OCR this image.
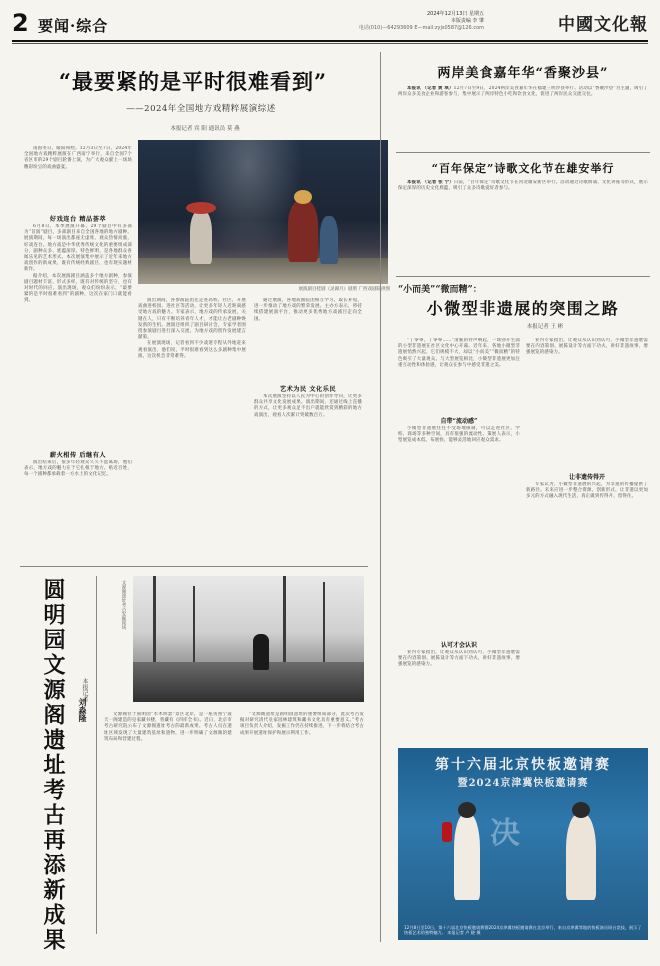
2 要闻·综合
2024年12月13日 星期五
本版责编 李 肇
电话(010)—64293609 E—mail:zyjs0587@126.com	中國文化報
“最要紧的是平时很难看到”
——2024年全国地方戏精粹展演综述
本报记者 宾 阳 通讯员 莫 燕

南国冬日，暖阳和煦。12月3日至7日，2024年全国地方戏精粹展演在广西南宁举行，来自全国7个省区市的29个剧目轮番上演，为广大观众献上一场场精彩纷呈的戏曲盛宴。

展演剧目桂剧《灵湖月》剧照 广西戏剧院供图
好戏连台 精品荟萃

6月8日，本季展演开幕，29个剧目中有多部为“首演”剧目，多部剧目来自全国各地的地方剧种。展演期间，每一场演出都座无虚席，观众热情高涨，好戏连台。地方戏是中华优秀传统文化的重要组成部分，剧种众多、底蕴深厚、特色鲜明，是各地群众喜闻乐见的艺术形式。本次展演集中展示了近年来地方戏创作的新成果，既有传统经典剧目，也有现实题材新作。

据介绍，本次展演剧目涵盖多个地方剧种，参演剧目题材丰富、形式多样，既有对传统的坚守，也有对时代的回应。演出现场，观众们纷纷表示，“最要紧的是平时很难看到”的剧种，这次在家门口就能看到。

薪火相传 后继有人

演出结束后，很多年轻观众久久不愿离场，他们表示，地方戏的魅力在于它扎根于地方、贴近百姓，每一个剧种都承载着一方水土的文化记忆。

演出期间，各参演院团还走进高校、社区，开展戏曲进校园、进社区等活动，让更多年轻人近距离感受地方戏的魅力。专家表示，地方戏的传承发展，关键在人，只有不断培养青年人才，才能让古老剧种焕发新的生机。展演还组织了剧目研讨会，专家学者围绕参演剧目进行深入交流，为地方戏的创作发展建言献策。

在展演现场，记者看到不少戏迷专程从外地赶来观看演出，他们说，平时很难看到这么多剧种集中展演，这次机会非常难得。

通过展演，各地戏曲院团相互学习、取长补短，进一步推动了地方戏的繁荣发展。主办方表示，将持续搭建展演平台，推动更多优秀地方戏剧目走向全国。

艺术为民 文化乐民

本次展演坚持以人民为中心的创作导向，让更多群众共享文化发展成果。演出期间，还通过线上直播的方式，让更多观众足不出户就能欣赏到精彩的地方戏演出，观看人次累计突破数百万。

圆明园文源阁遗址考古再添新成果	本报记者
刘淼隆
文源阁遗址考古发掘现场

文源阁位于圆明园“水木明瑟”景区北岸，是一座仿照宁波天一阁建造的皇家藏书楼，曾藏有《四库全书》。近日，北京市考古研究院公布了文源阁遗址考古的最新成果。考古人员在遗址区域发现了大量建筑基址和遗物，进一步明确了文源阁的建筑布局和营建过程。

“文源阁遗址是圆明园遗址的重要组成部分，此次考古发掘对研究清代皇家园林建筑和藏书文化具有重要意义。”考古项目负责人介绍，发掘工作仍在持续推进，下一步将结合考古成果开展遗址保护和展示利用工作。

两岸美食嘉年华“香聚沙县”

本报讯 （记者 黄 琪）12月7日至9日，2024两岸美食嘉年华在福建三明沙县举行。活动以“香聚沙县”为主题，吸引了两岸众多美食企业和游客参与，集中展示了两岸特色小吃和饮食文化，促进了两岸民众交流交往。

“百年保定”诗歌文化节在雄安举行

本报讯 （记者 张 宁）日前，“百年保定”诗歌文化节在河北雄安新区举行。活动通过诗歌朗诵、文化讲座等形式，展示保定深厚的历史文化底蕴，吸引了众多诗歌爱好者参与。

“小而美”“微而精”：
小微型非遗展的突围之路
本报记者 王 彬

“丁零零，丁零零……”清脆的铃声响起，一场别开生面的小型非遗展在社区文化中心开幕。近年来，各地小微型非遗展悄然兴起，它们规模不大，却以“小而美”“微而精”的特色吸引了大量观众。与大型展览相比，小微型非遗展更加注重互动性和体验感，让观众在参与中感受非遗之美。

自带“流动感”

小微型非遗展往往不受场地限制，可以走进社区、学校、商场等多种空间，具有很强的流动性。策展人表示，小型展览成本低、布展快，能够灵活地回应观众需求。

认可才会认识

业内专家指出，让观众从认识到认可，小微型非遗展需要在内容策划、展陈设计等方面下功夫，讲好非遗故事，增强展览的感染力。

让非遗传得开

业内专家指出，让观众从认识到认可，小微型非遗展需要在内容策划、展陈设计等方面下功夫，讲好非遗故事，增强展览的感染力。

专家认为，小微型非遗展的兴起，为非遗的传播提供了新路径。未来应进一步整合资源、创新形式，让非遗以更加多元的方式融入现代生活，真正做到传得开、留得住。

第十六届北京快板邀请赛
暨2024京津冀快板邀请赛
决
12月8日至10日，第十六届北京快板邀请赛暨2024京津冀快板邀请赛在北京举行，来自京津冀等地的快板演员同台竞技，展示了快板艺术的独特魅力。 本报记者 卢 晓 摄
